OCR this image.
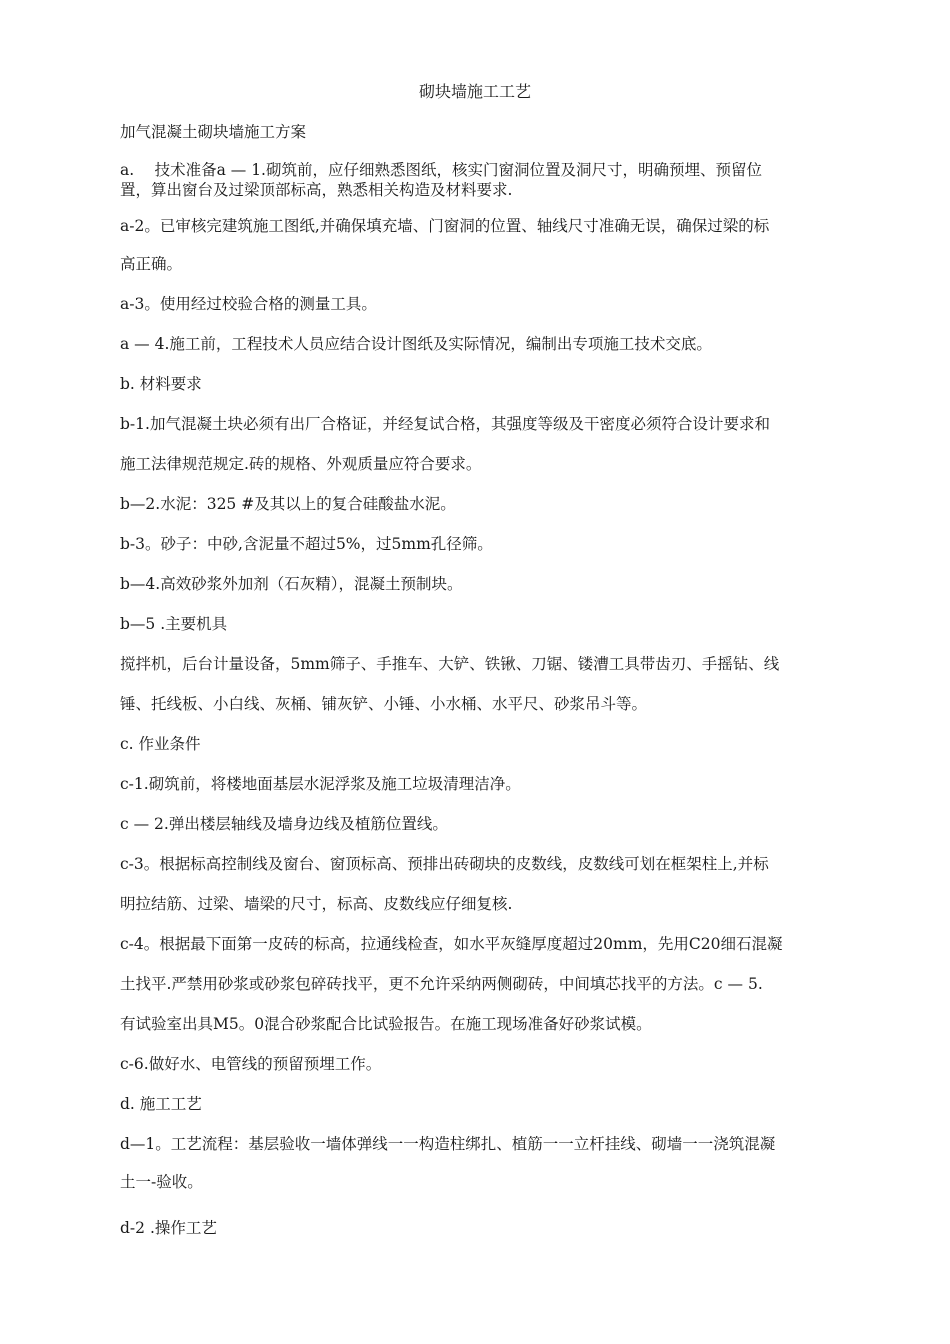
砌块墙施工工艺
加气混凝土砌块墙施工方案
a.　 技术准备a — 1.砌筑前，应仔细熟悉图纸，核实门窗洞位置及洞尺寸，明确预埋、预留位
置，算出窗台及过梁顶部标高，熟悉相关构造及材料要求.
a-2。已审核完建筑施工图纸,并确保填充墙、门窗洞的位置、轴线尺寸准确无误，确保过梁的标
高正确。
a-3。使用经过校验合格的测量工具。
a — 4.施工前，工程技术人员应结合设计图纸及实际情况，编制出专项施工技术交底。
b. 材料要求
b-1.加气混凝土块必须有出厂合格证，并经复试合格，其强度等级及干密度必须符合设计要求和
施工法律规范规定.砖的规格、外观质量应符合要求。
b—2.水泥：325 #及其以上的复合硅酸盐水泥。
b-3。砂子：中砂,含泥量不超过5%，过5mm孔径筛。
b—4.高效砂浆外加剂（石灰精），混凝土预制块。
b—5 .主要机具
搅拌机，后台计量设备，5mm筛子、手推车、大铲、铁锹、刀锯、镂漕工具带齿刃、手摇钻、线
锤、托线板、小白线、灰桶、铺灰铲、小锤、小水桶、水平尺、砂浆吊斗等。
c. 作业条件
c-1.砌筑前，将楼地面基层水泥浮浆及施工垃圾清理洁净。
c — 2.弹出楼层轴线及墙身边线及植筋位置线。
c-3。根据标高控制线及窗台、窗顶标高、预排出砖砌块的皮数线，皮数线可划在框架柱上,并标
明拉结筋、过梁、墙梁的尺寸，标高、皮数线应仔细复核.
c-4。根据最下面第一皮砖的标高，拉通线检查，如水平灰缝厚度超过20mm，先用C20细石混凝
土找平.严禁用砂浆或砂浆包碎砖找平，更不允许采纳两侧砌砖，中间填芯找平的方法。c — 5.
有试验室出具M5。0混合砂浆配合比试验报告。在施工现场准备好砂浆试模。
c-6.做好水、电管线的预留预埋工作。
d. 施工工艺
d—1。工艺流程：基层验收一墙体弹线一一构造柱绑扎、植筋一一立杆挂线、砌墙一一浇筑混凝
土一-验收。
d-2 .操作工艺
